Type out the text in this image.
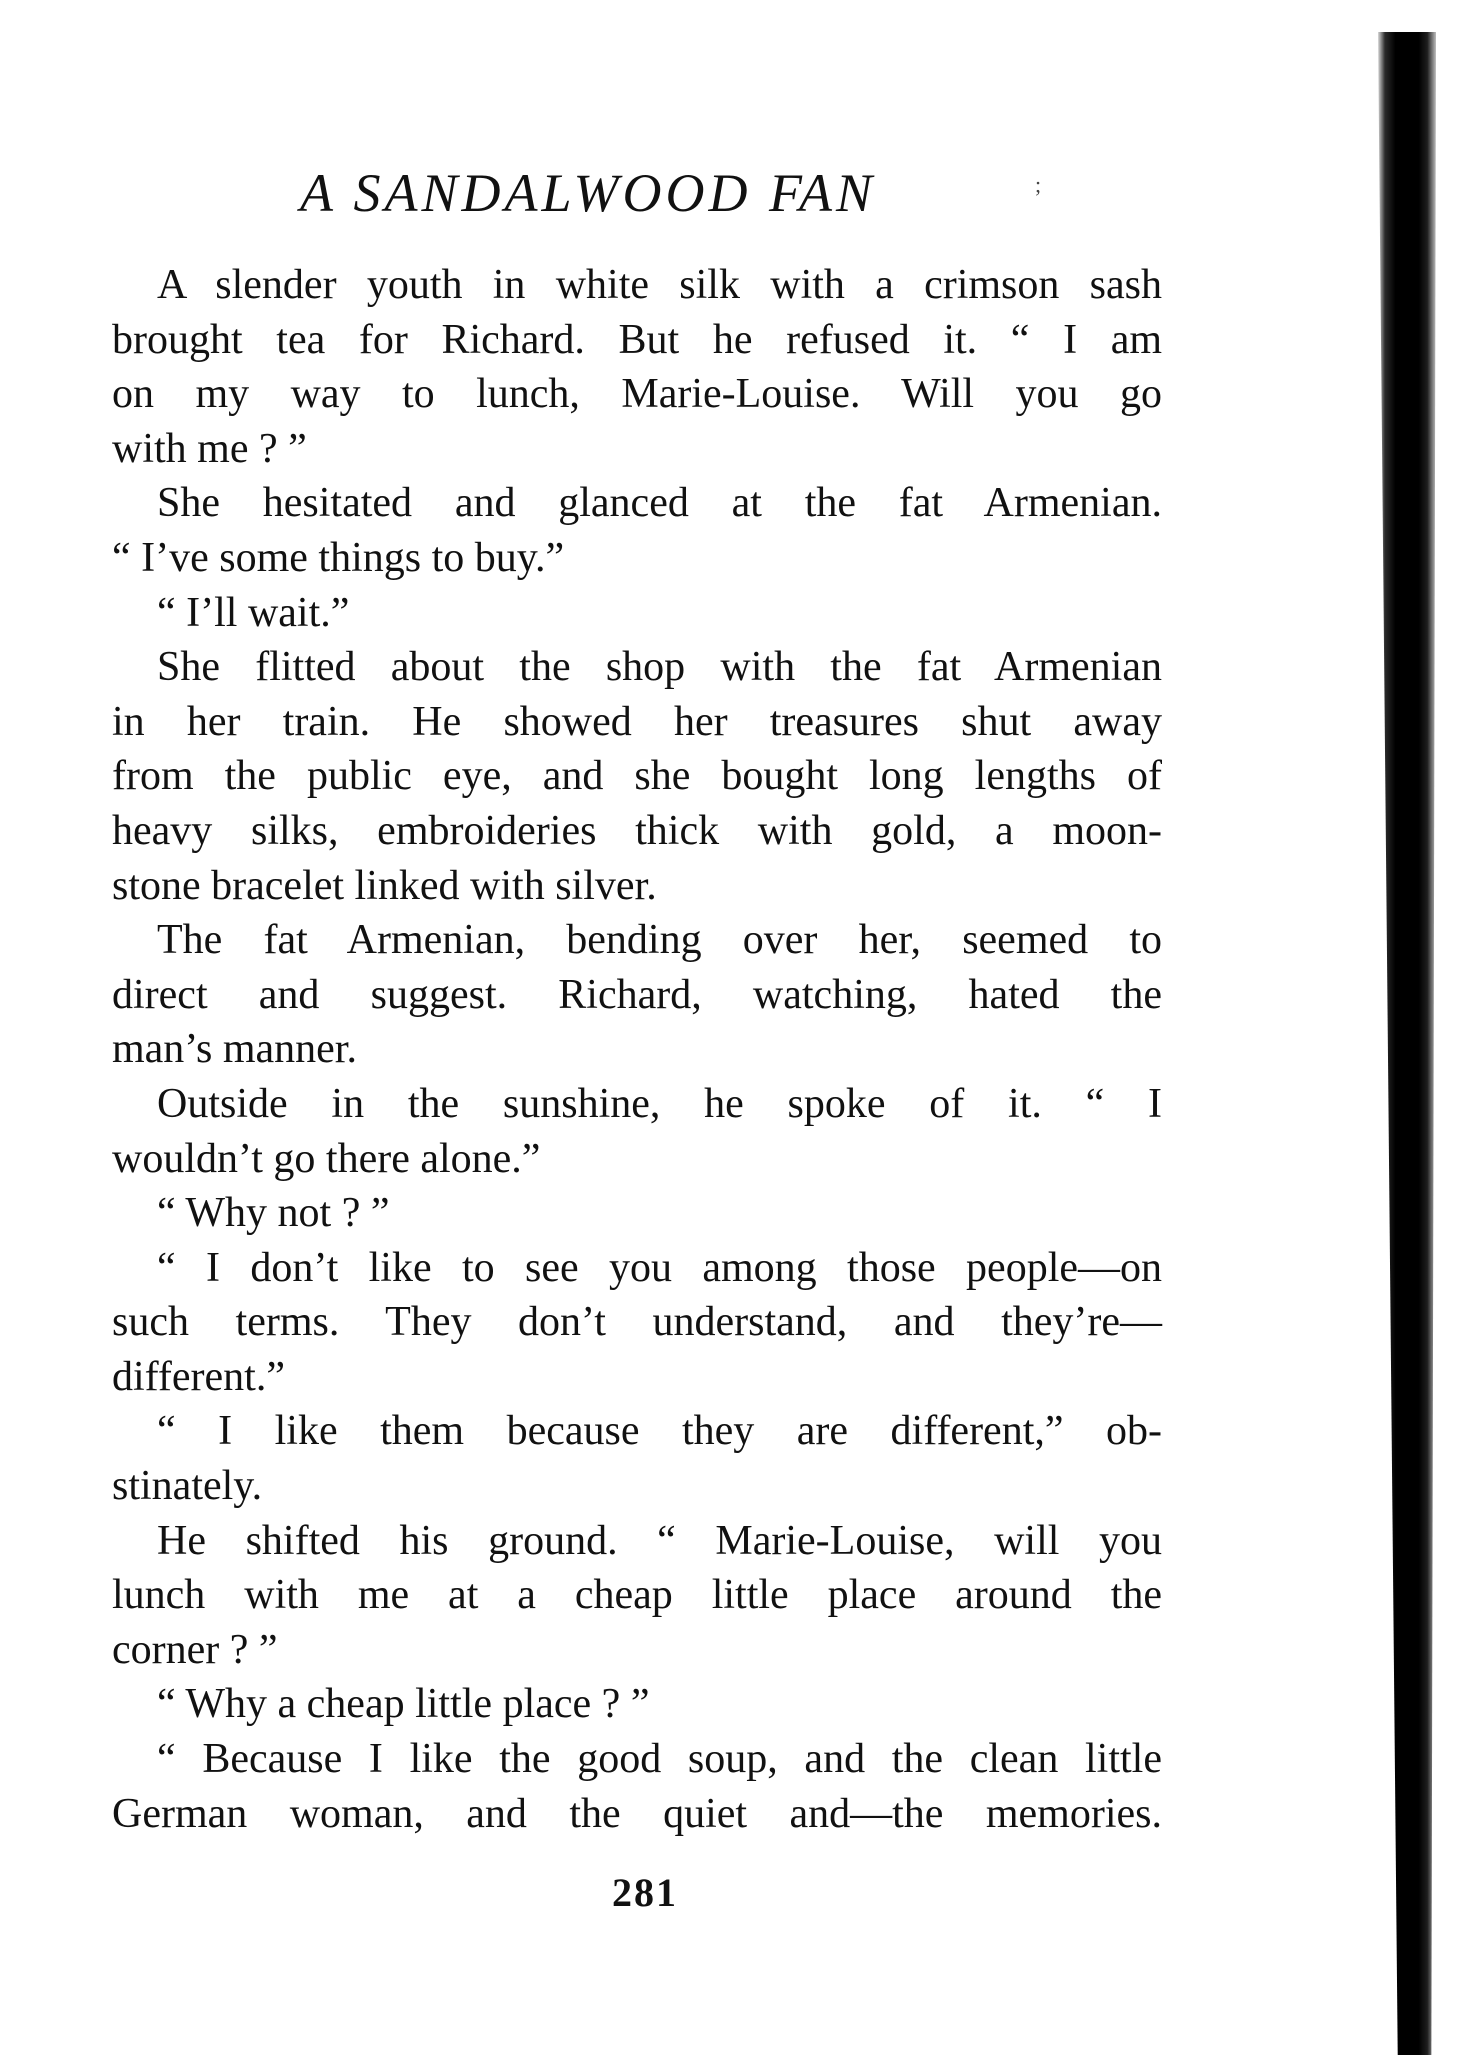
A SANDALWOOD FAN	;
A slender youth in white silk with a crimson sash
brought tea for Richard. But he refused it. “ I am
on my way to lunch, Marie-Louise. Will you go
with me ? ”
She hesitated and glanced at the fat Armenian.
“ I’ve some things to buy.”
“ I’ll wait.”
She flitted about the shop with the fat Armenian
in her train. He showed her treasures shut away
from the public eye, and she bought long lengths of
heavy silks, embroideries thick with gold, a moon-
stone bracelet linked with silver.
The fat Armenian, bending over her, seemed to
direct and suggest. Richard, watching, hated the
man’s manner.
Outside in the sunshine, he spoke of it. “ I
wouldn’t go there alone.”
“ Why not ? ”
“ I don’t like to see you among those people—on
such terms. They don’t understand, and they’re—
different.”
“ I like them because they are different,” ob-
stinately.
He shifted his ground. “ Marie-Louise, will you
lunch with me at a cheap little place around the
corner ? ”
“ Why a cheap little place ? ”
“ Because I like the good soup, and the clean little
German woman, and the quiet and—the memories.
281
